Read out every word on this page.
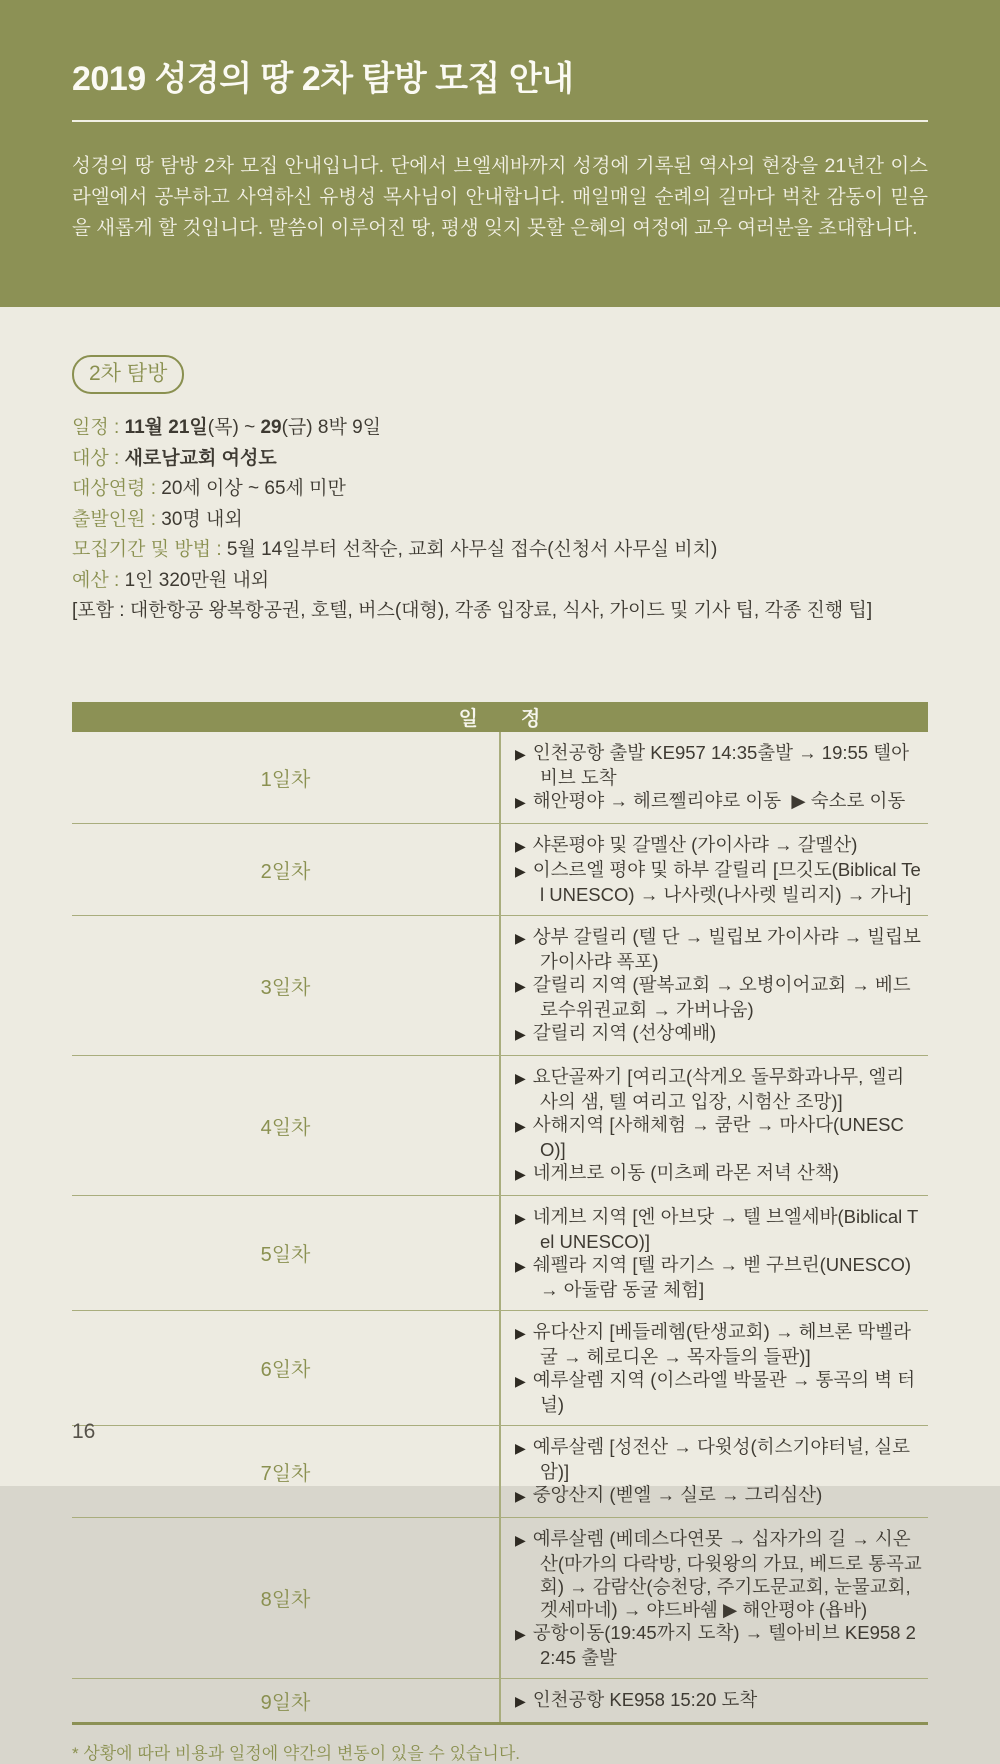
2019 성경의 땅 2차 탐방 모집 안내

성경의 땅 탐방 2차 모집 안내입니다. 단에서 브엘세바까지 성경에 기록된 역사의 현장을 21년간 이스라엘에서 공부하고 사역하신 유병성 목사님이 안내합니다. 매일매일 순례의 길마다 벅찬 감동이 믿음을 새롭게 할 것입니다. 말씀이 이루어진 땅, 평생 잊지 못할 은혜의 여정에 교우 여러분을 초대합니다.

2차 탐방
일정 : 11월 21일(목) ~ 29(금) 8박 9일
대상 : 새로남교회 여성도
대상연령 : 20세 이상 ~ 65세 미만
출발인원 : 30명 내외
모집기간 및 방법 : 5월 14일부터 선착순, 교회 사무실 접수(신청서 사무실 비치)
예산 : 1인 320만원 내외

[포함 : 대한항공 왕복항공권, 호텔, 버스(대형), 각종 입장료, 식사, 가이드 및 기사 팁, 각종 진행 팁]

일　　정	
1일차	▶ 인천공항 출발 KE957 14:35출발 → 19:55 텔아비브 도착
▶ 해안평야 → 헤르쩰리야로 이동  ▶ 숙소로 이동

2일차	▶ 샤론평야 및 갈멜산 (가이사랴 → 갈멜산)
▶ 이스르엘 평야 및 하부 갈릴리 [므깃도(Biblical Tel UNESCO) → 나사렛(나사렛 빌리지) → 가나]

3일차	▶ 상부 갈릴리 (텔 단 → 빌립보 가이사랴 → 빌립보 가이사랴 폭포)
▶ 갈릴리 지역 (팔복교회 → 오병이어교회 → 베드로수위권교회 → 가버나움)
▶ 갈릴리 지역 (선상예배)

4일차	▶ 요단골짜기 [여리고(삭게오 돌무화과나무, 엘리사의 샘, 텔 여리고 입장, 시험산 조망)]
▶ 사해지역 [사해체험 → 쿰란 → 마사다(UNESCO)]
▶ 네게브로 이동 (미츠페 라몬 저녁 산책)

5일차	▶ 네게브 지역 [엔 아브닷 → 텔 브엘세바(Biblical Tel UNESCO)]
▶ 쉐펠라 지역 [텔 라기스 → 벧 구브린(UNESCO) → 아둘람 동굴 체험]

6일차	▶ 유다산지 [베들레헴(탄생교회) → 헤브론 막벨라굴 → 헤로디온 → 목자들의 들판)]
▶ 예루살렘 지역 (이스라엘 박물관 → 통곡의 벽 터널)

7일차	▶ 예루살렘 [성전산 → 다윗성(히스기야터널, 실로암)]
▶ 중앙산지 (벧엘 → 실로 → 그리심산)

8일차	▶ 예루살렘 (베데스다연못 → 십자가의 길 → 시온산(마가의 다락방, 다윗왕의 가묘, 베드로 통곡교회) → 감람산(승천당, 주기도문교회, 눈물교회, 겟세마네) → 야드바쉠 ▶ 해안평야 (욥바)
▶ 공항이동(19:45까지 도착) → 텔아비브 KE958 22:45 출발

9일차	▶ 인천공항 KE958 15:20 도착

* 상황에 따라 비용과 일정에 약간의 변동이 있을 수 있습니다.

16
